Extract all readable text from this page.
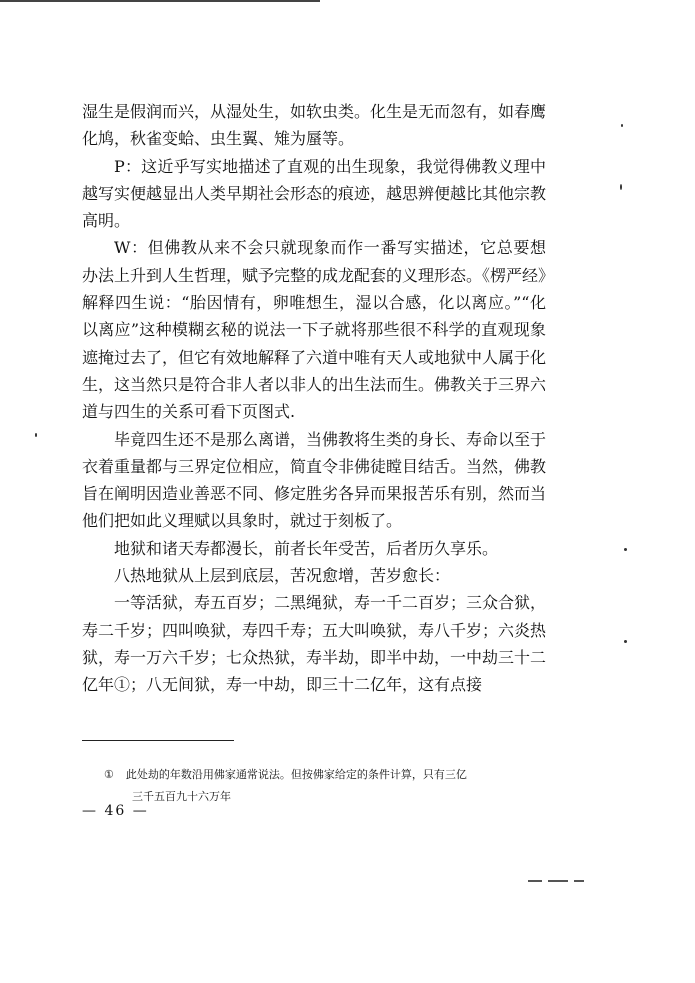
湿生是假润而兴，从湿处生，如软虫类。化生是无而忽有，如春鹰化鸠，秋雀变蛤、虫生翼、雉为蜃等。

P：这近乎写实地描述了直观的出生现象，我觉得佛教义理中越写实便越显出人类早期社会形态的痕迹，越思辨便越比其他宗教高明。

W：但佛教从来不会只就现象而作一番写实描述，它总要想办法上升到人生哲理，赋予完整的成龙配套的义理形态。《楞严经》解释四生说：“胎因情有，卵唯想生，湿以合感，化以离应。”“化以离应”这种模糊玄秘的说法一下子就将那些很不科学的直观现象遮掩过去了，但它有效地解释了六道中唯有天人或地狱中人属于化生，这当然只是符合非人者以非人的出生法而生。佛教关于三界六道与四生的关系可看下页图式.

毕竟四生还不是那么离谱，当佛教将生类的身长、寿命以至于衣着重量都与三界定位相应，简直令非佛徒瞠目结舌。当然，佛教旨在阐明因造业善恶不同、修定胜劣各异而果报苦乐有别，然而当他们把如此义理赋以具象时，就过于刻板了。

地狱和诸天寿都漫长，前者长年受苦，后者历久享乐。

八热地狱从上层到底层，苦况愈增，苦岁愈长：

一等活狱，寿五百岁；二黑绳狱，寿一千二百岁；三众合狱，寿二千岁；四叫唤狱，寿四千寿；五大叫唤狱，寿八千岁；六炎热狱，寿一万六千岁；七众热狱，寿半劫，即半中劫，一中劫三十二亿年①；八无间狱，寿一中劫，即三十二亿年，这有点接

① 此处劫的年数沿用佛家通常说法。但按佛家给定的条件计算，只有三亿
三千五百九十六万年
— 46 —
